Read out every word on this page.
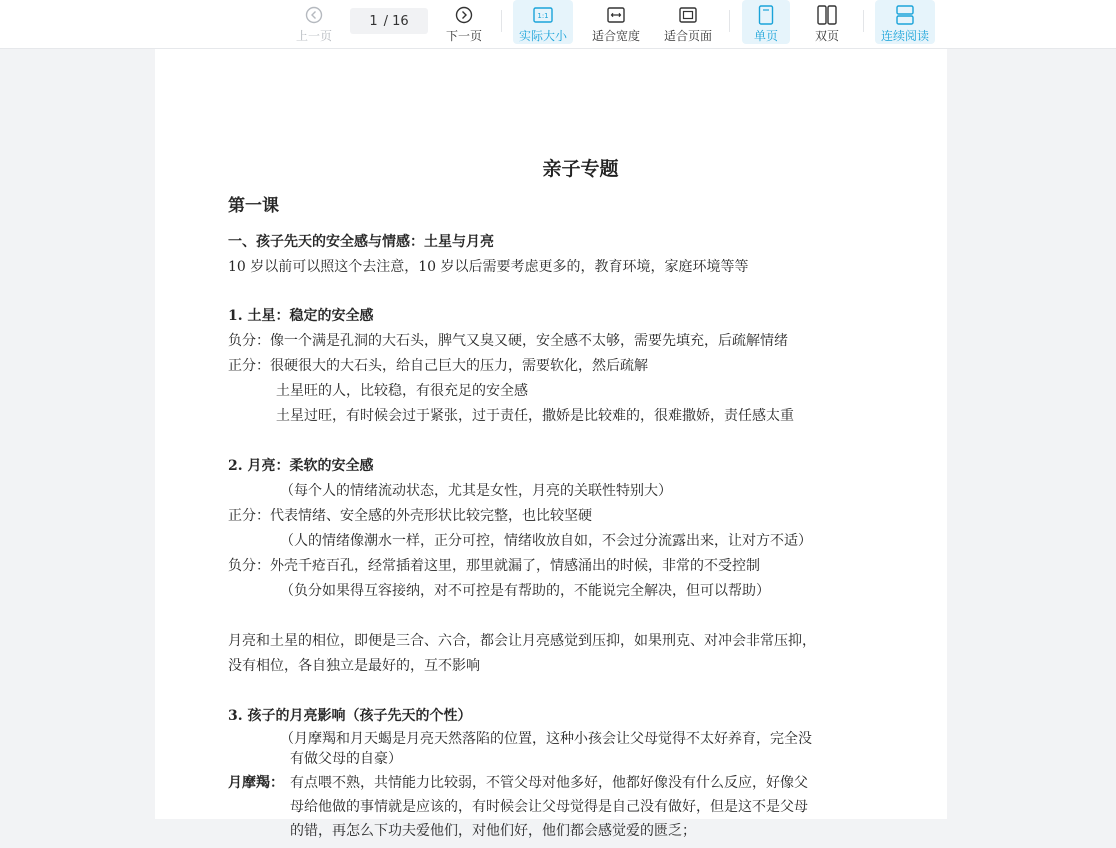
上一页
1 / 16
下一页
1:1
实际大小 适合宽度 适合页面	单页	双页	连续阅读
亲子专题
第一课
一、孩子先天的安全感与情感：土星与月亮
10 岁以前可以照这个去注意，10 岁以后需要考虑更多的，教育环境，家庭环境等等
1. 土星：稳定的安全感
负分：像一个满是孔洞的大石头，脾气又臭又硬，安全感不太够，需要先填充，后疏解情绪
正分：很硬很大的大石头，给自己巨大的压力，需要软化，然后疏解
土星旺的人，比较稳，有很充足的安全感
土星过旺，有时候会过于紧张，过于责任，撒娇是比较难的，很难撒娇，责任感太重
2. 月亮：柔软的安全感
（每个人的情绪流动状态，尤其是女性，月亮的关联性特别大）
正分：代表情绪、安全感的外壳形状比较完整，也比较坚硬
（人的情绪像潮水一样，正分可控，情绪收放自如，不会过分流露出来，让对方不适）
负分：外壳千疮百孔，经常插着这里，那里就漏了，情感涌出的时候，非常的不受控制
（负分如果得互容接纳，对不可控是有帮助的，不能说完全解决，但可以帮助）
月亮和土星的相位，即便是三合、六合，都会让月亮感觉到压抑，如果刑克、对冲会非常压抑，
没有相位，各自独立是最好的，互不影响
3. 孩子的月亮影响（孩子先天的个性）
（月摩羯和月天蝎是月亮天然落陷的位置，这种小孩会让父母觉得不太好养育，完全没
有做父母的自豪）
月摩羯： 有点喂不熟，共情能力比较弱，不管父母对他多好，他都好像没有什么反应，好像父
母给他做的事情就是应该的，有时候会让父母觉得是自己没有做好，但是这不是父母
的错，再怎么下功夫爱他们，对他们好，他们都会感觉爱的匮乏；
